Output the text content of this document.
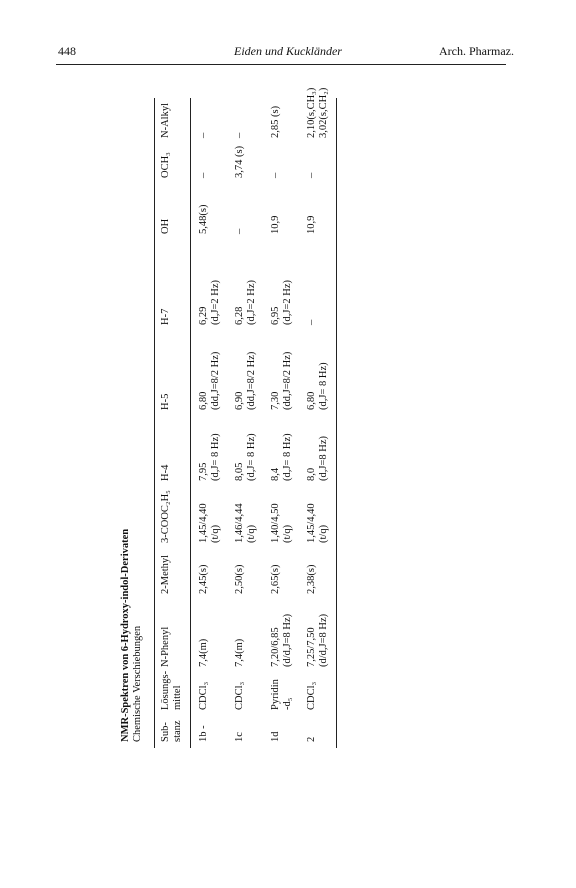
448	Eiden und Kuckländer	Arch. Pharmaz.
NMR-Spektren von 6-Hydroxy-indol-Derivaten Chemische Verschiebungen Sub- stanz
Lösungs- mittel
N-Phenyl
2-Methyl
3-COOC₂H₅
H-4
H-5
H-7
OH
OCH₃
N-Alkyl
1b -
CDCl₃
7,4(m)
2,45(s)
1,45/4,40 (t/q)
7,95 (d,J= 8 Hz)
6,80 (dd,J=8/2 Hz)
6,29 (d,J=2 Hz)
5,48(s)
–
–
1c
CDCl₃
7,4(m)
2,50(s)
1,46/4,44 (t/q)
8,05 (d,J= 8 Hz)
6,90 (dd,J=8/2 Hz)
6,28 (d,J=2 Hz)
–
3,74 (s)
–
1d
Pyridin -d₅
7,20/6,85 (d/d,J=8 Hz)
2,65(s)
1,40/4,50 (t/q)
8,4 (d,J= 8 Hz)
7,30 (dd,J=8/2 Hz)
6,95 (d,J=2 Hz)
10,9
–
2,85 (s)
2
CDCl₃
7,25/7,50 (d/d,J=8 Hz)
2,38(s)
1,45/4,40 (t/q)
8,0 (d,J=8 Hz)
6,80 (d,J= 8 Hz)
–
10,9
–
2,10(s,CH₃) 3,02(s,CH₂)
